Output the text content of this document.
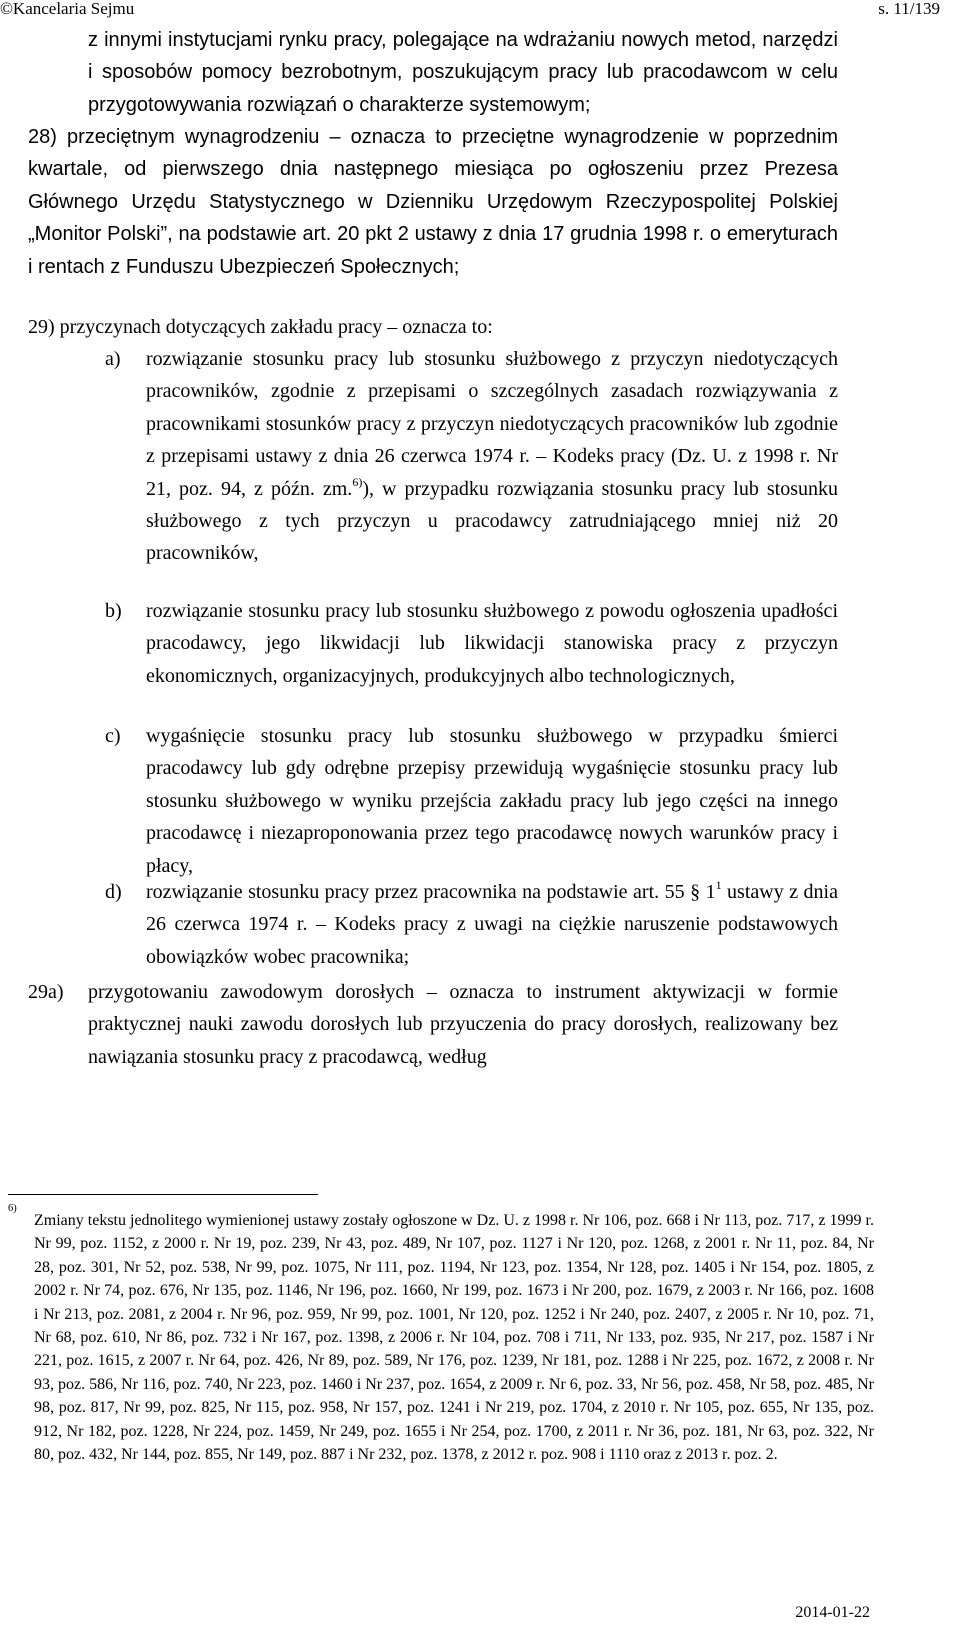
©Kancelaria Sejmu	s. 11/139
z innymi instytucjami rynku pracy, polegające na wdrażaniu nowych metod, narzędzi i sposobów pomocy bezrobotnym, poszukującym pracy lub pracodawcom w celu przygotowywania rozwiązań o charakterze systemowym;
28) przeciętnym wynagrodzeniu – oznacza to przeciętne wynagrodzenie w poprzednim kwartale, od pierwszego dnia następnego miesiąca po ogłoszeniu przez Prezesa Głównego Urzędu Statystycznego w Dzienniku Urzędowym Rzeczypospolitej Polskiej „Monitor Polski”, na podstawie art. 20 pkt 2 ustawy z dnia 17 grudnia 1998 r. o emeryturach i rentach z Funduszu Ubezpieczeń Społecznych;
29) przyczynach dotyczących zakładu pracy – oznacza to:
a) rozwiązanie stosunku pracy lub stosunku służbowego z przyczyn niedotyczących pracowników, zgodnie z przepisami o szczególnych zasadach rozwiązywania z pracownikami stosunków pracy z przyczyn niedotyczących pracowników lub zgodnie z przepisami ustawy z dnia 26 czerwca 1974 r. – Kodeks pracy (Dz. U. z 1998 r. Nr 21, poz. 94, z późn. zm.$^{6)}$), w przypadku rozwiązania stosunku pracy lub stosunku służbowego z tych przyczyn u pracodawcy zatrudniającego mniej niż 20 pracowników,
b) rozwiązanie stosunku pracy lub stosunku służbowego z powodu ogłoszenia upadłości pracodawcy, jego likwidacji lub likwidacji stanowiska pracy z przyczyn ekonomicznych, organizacyjnych, produkcyjnych albo technologicznych,
c) wygaśnięcie stosunku pracy lub stosunku służbowego w przypadku śmierci pracodawcy lub gdy odrębne przepisy przewidują wygaśnięcie stosunku pracy lub stosunku służbowego w wyniku przejścia zakładu pracy lub jego części na innego pracodawcę i niezaproponowania przez tego pracodawcę nowych warunków pracy i płacy,
d) rozwiązanie stosunku pracy przez pracownika na podstawie art. 55 § $1^1$ ustawy z dnia 26 czerwca 1974 r. – Kodeks pracy z uwagi na ciężkie naruszenie podstawowych obowiązków wobec pracownika;
29a) przygotowaniu zawodowym dorosłych – oznacza to instrument aktywizacji w formie praktycznej nauki zawodu dorosłych lub przyuczenia do pracy dorosłych, realizowany bez nawiązania stosunku pracy z pracodawcą, według
6)
Zmiany tekstu jednolitego wymienionej ustawy zostały ogłoszone w Dz. U. z 1998 r. Nr 106, poz. 668 i Nr 113, poz. 717, z 1999 r. Nr 99, poz. 1152, z 2000 r. Nr 19, poz. 239, Nr 43, poz. 489, Nr 107, poz. 1127 i Nr 120, poz. 1268, z 2001 r. Nr 11, poz. 84, Nr 28, poz. 301, Nr 52, poz. 538, Nr 99, poz. 1075, Nr 111, poz. 1194, Nr 123, poz. 1354, Nr 128, poz. 1405 i Nr 154, poz. 1805, z 2002 r. Nr 74, poz. 676, Nr 135, poz. 1146, Nr 196, poz. 1660, Nr 199, poz. 1673 i Nr 200, poz. 1679, z 2003 r. Nr 166, poz. 1608 i Nr 213, poz. 2081, z 2004 r. Nr 96, poz. 959, Nr 99, poz. 1001, Nr 120, poz. 1252 i Nr 240, poz. 2407, z 2005 r. Nr 10, poz. 71, Nr 68, poz. 610, Nr 86, poz. 732 i Nr 167, poz. 1398, z 2006 r. Nr 104, poz. 708 i 711, Nr 133, poz. 935, Nr 217, poz. 1587 i Nr 221, poz. 1615, z 2007 r. Nr 64, poz. 426, Nr 89, poz. 589, Nr 176, poz. 1239, Nr 181, poz. 1288 i Nr 225, poz. 1672, z 2008 r. Nr 93, poz. 586, Nr 116, poz. 740, Nr 223, poz. 1460 i Nr 237, poz. 1654, z 2009 r. Nr 6, poz. 33, Nr 56, poz. 458, Nr 58, poz. 485, Nr 98, poz. 817, Nr 99, poz. 825, Nr 115, poz. 958, Nr 157, poz. 1241 i Nr 219, poz. 1704, z 2010 r. Nr 105, poz. 655, Nr 135, poz. 912, Nr 182, poz. 1228, Nr 224, poz. 1459, Nr 249, poz. 1655 i Nr 254, poz. 1700, z 2011 r. Nr 36, poz. 181, Nr 63, poz. 322, Nr 80, poz. 432, Nr 144, poz. 855, Nr 149, poz. 887 i Nr 232, poz. 1378, z 2012 r. poz. 908 i 1110 oraz z 2013 r. poz. 2.
2014-01-22
